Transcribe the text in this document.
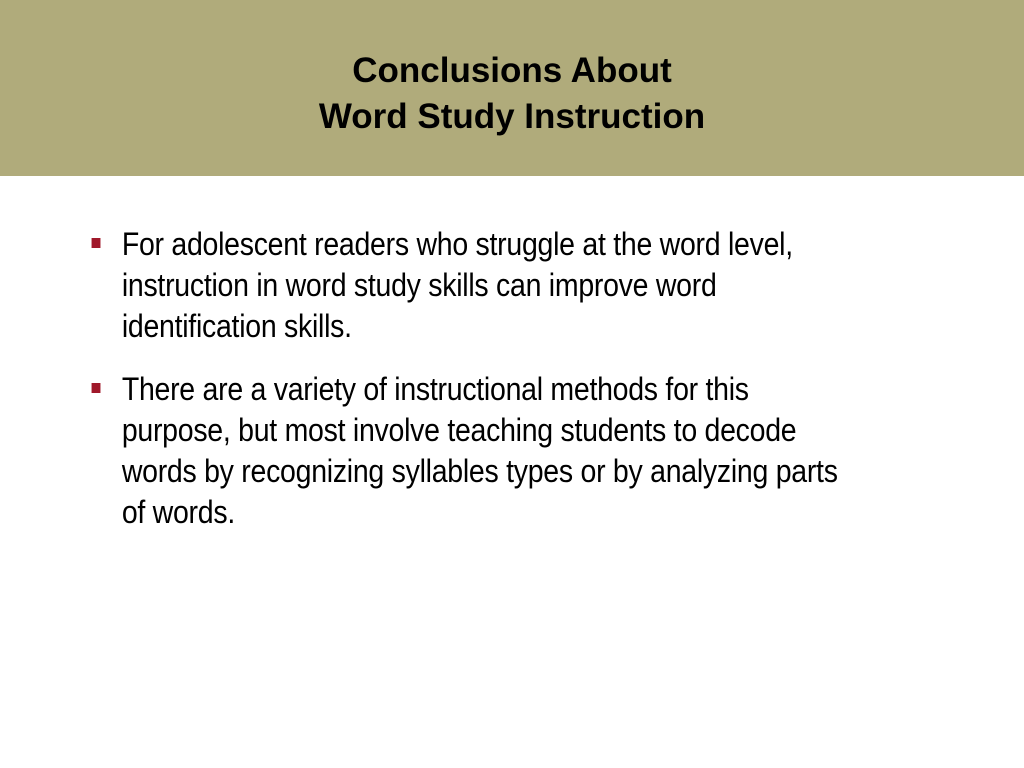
Conclusions About
Word Study Instruction
For adolescent readers who struggle at the word level,
instruction in word study skills can improve word
identification skills.
There are a variety of instructional methods for this
purpose, but most involve teaching students to decode
words by recognizing syllables types or by analyzing parts
of words.
